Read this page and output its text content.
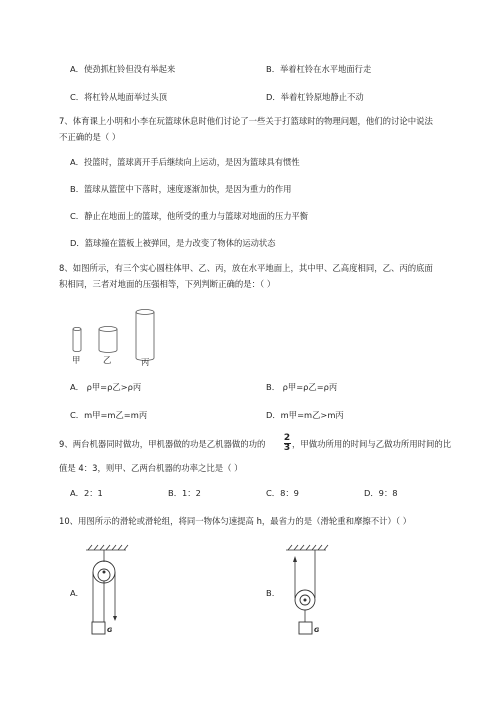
A．使劲抓杠铃但没有举起来	B．举着杠铃在水平地面行走
C．将杠铃从地面举过头顶	D．举着杠铃原地静止不动
7、体育课上小明和小李在玩篮球休息时他们讨论了一些关于打篮球时的物理问题，他们的讨论中说法
不正确的是（ ）
A．投篮时，篮球离开手后继续向上运动，是因为篮球具有惯性
B．篮球从篮筐中下落时，速度逐渐加快，是因为重力的作用
C．静止在地面上的篮球，他所受的重力与篮球对地面的压力平衡
D．篮球撞在篮板上被弹回，是力改变了物体的运动状态
8、如图所示，有三个实心圆柱体甲、乙、丙，放在水平地面上，其中甲、乙高度相同，乙、丙的底面
积相同，三者对地面的压强相等，下列判断正确的是：（ ）
甲	乙	丙
A． ρ甲=ρ乙>ρ丙	B． ρ甲=ρ乙=ρ丙
C．m甲=m乙=m丙	D．m甲=m乙>m丙
9、两台机器同时做功，甲机器做的功是乙机器做的功的
2
3 ，甲做功所用的时间与乙做功所用时间的比
值是 4：3，则甲、乙两台机器的功率之比是（ ）
A．2：1	B．1：2	C．8：9	D．9：8
10、用图所示的滑轮或滑轮组，将同一物体匀速提高 h，最省力的是（滑轮重和摩擦不计）（ ）
A.
G
B.
G
